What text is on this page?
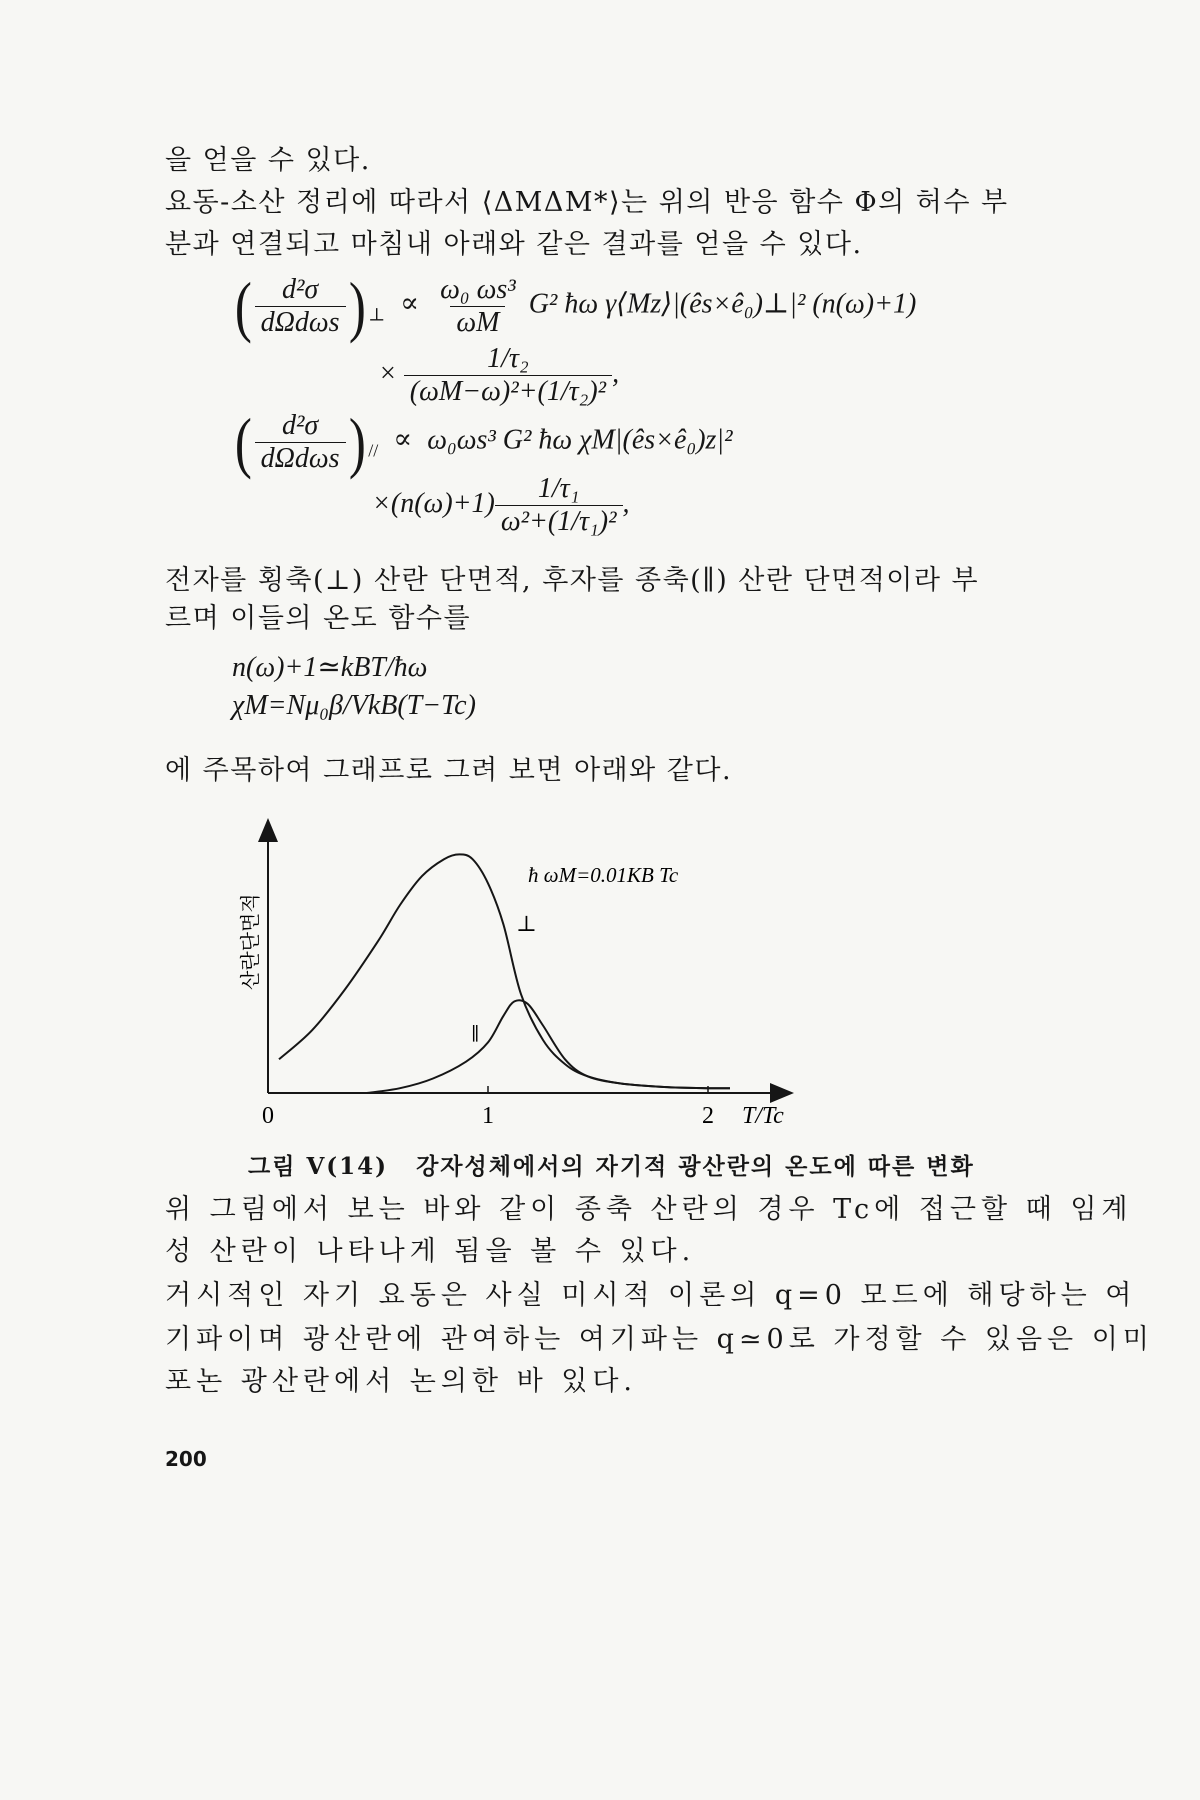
을 얻을 수 있다.
요동-소산 정리에 따라서 ⟨ΔMΔM*⟩는 위의 반응 함수 Φ의 허수 부
분과 연결되고 마침내 아래와 같은 결과를 얻을 수 있다.
( $\frac{\text{d²σ}}{\text{dΩdωs}}$ ) $_\perp \propto \frac{\text{ω₀ ωs³}}{\omega M} G^2$ ħω γ⟨Mz⟩|(ês×ê₀)⊥|² (n(ω)+1)
× $\frac{\text{1/τ₂}}{\text{(ωM−ω)²+(1/τ₂)²}}$ ,
( $\frac{\text{d²σ}}{\text{dΩdωs}}$ ) $_{//}$ ∝ ω₀ωs³ G² ħω χM|(ês×ê₀)z|²
$\times(n(\omega)+1) \frac{\text{1/τ₁}}{\text{ω²+(1/τ₁)²}}$ ,
전자를 횡축(⊥) 산란 단면적, 후자를 종축(∥) 산란 단면적이라 부
르며 이들의 온도 함수를
n(ω)+1≃kBT/ħω
χM=Nμ₀β/VkB(T−Tc)
에 주목하여 그래프로 그려 보면 아래와 같다.
0	1	2 T/Tc
산란단면적
ħ ωM=0.01KB Tc
⊥
∥
그림 V(14) 강자성체에서의 자기적 광산란의 온도에 따른 변화
위 그림에서 보는 바와 같이 종축 산란의 경우 Tc에 접근할 때 임계
성 산란이 나타나게 됨을 볼 수 있다.
거시적인 자기 요동은 사실 미시적 이론의 q=0 모드에 해당하는 여
기파이며 광산란에 관여하는 여기파는 q≃0로 가정할 수 있음은 이미
포논 광산란에서 논의한 바 있다.
200
